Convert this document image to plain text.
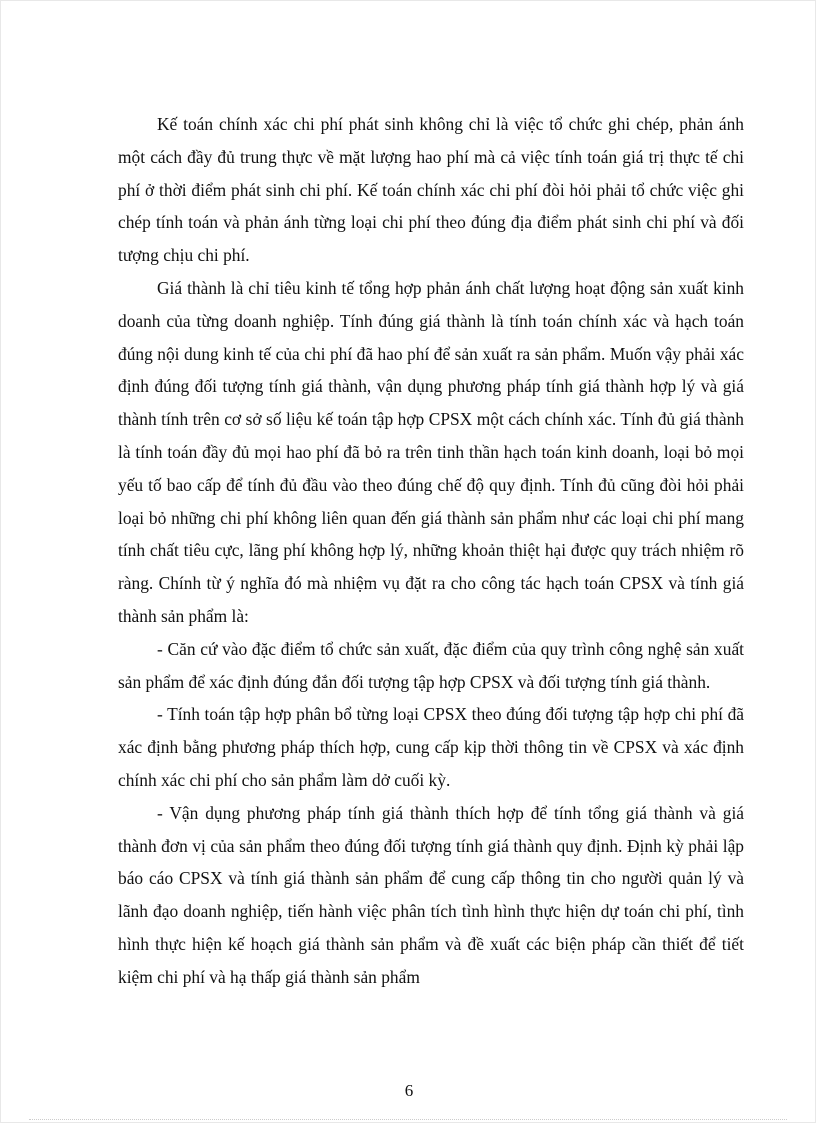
Kế toán chính xác chi phí phát sinh không chỉ là việc tổ chức ghi chép, phản ánh một cách đầy đủ trung thực về mặt lượng hao phí mà cả việc tính toán giá trị thực tế chi phí ở thời điểm phát sinh chi phí. Kế toán chính xác chi phí đòi hỏi phải tổ chức việc ghi chép tính toán và phản ánh từng loại chi phí theo đúng địa điểm phát sinh chi phí và đối tượng chịu chi phí.

Giá thành là chỉ tiêu kinh tế tổng hợp phản ánh chất lượng hoạt động sản xuất kinh doanh của từng doanh nghiệp. Tính đúng giá thành là tính toán chính xác và hạch toán đúng nội dung kinh tế của chi phí đã hao phí để sản xuất ra sản phẩm. Muốn vậy phải xác định đúng đối tượng tính giá thành, vận dụng phương pháp tính giá thành hợp lý và giá thành tính trên cơ sở số liệu kế toán tập hợp CPSX một cách chính xác. Tính đủ giá thành là tính toán đầy đủ mọi hao phí đã bỏ ra trên tinh thần hạch toán kinh doanh, loại bỏ mọi yếu tố bao cấp để tính đủ đầu vào theo đúng chế độ quy định. Tính đủ cũng đòi hỏi phải loại bỏ những chi phí không liên quan đến giá thành sản phẩm như các loại chi phí mang tính chất tiêu cực, lãng phí không hợp lý, những khoản thiệt hại được quy trách nhiệm rõ ràng. Chính từ ý nghĩa đó mà nhiệm vụ đặt ra cho công tác hạch toán CPSX và tính giá thành sản phẩm là:

- Căn cứ vào đặc điểm tổ chức sản xuất, đặc điểm của quy trình công nghệ sản xuất sản phẩm để xác định đúng đắn đối tượng tập hợp CPSX và đối tượng tính giá thành.

- Tính toán tập hợp phân bổ từng loại CPSX theo đúng đối tượng tập hợp chi phí đã xác định bằng phương pháp thích hợp, cung cấp kịp thời thông tin về CPSX và xác định chính xác chi phí cho sản phẩm làm dở cuối kỳ.

- Vận dụng phương pháp tính giá thành thích hợp để tính tổng giá thành và giá thành đơn vị của sản phẩm theo đúng đối tượng tính giá thành quy định. Định kỳ phải lập báo cáo CPSX và tính giá thành sản phẩm để cung cấp thông tin cho người quản lý và lãnh đạo doanh nghiệp, tiến hành việc phân tích tình hình thực hiện dự toán chi phí, tình hình thực hiện kế hoạch giá thành sản phẩm và đề xuất các biện pháp cần thiết để tiết kiệm chi phí và hạ thấp giá thành sản phẩm

6
